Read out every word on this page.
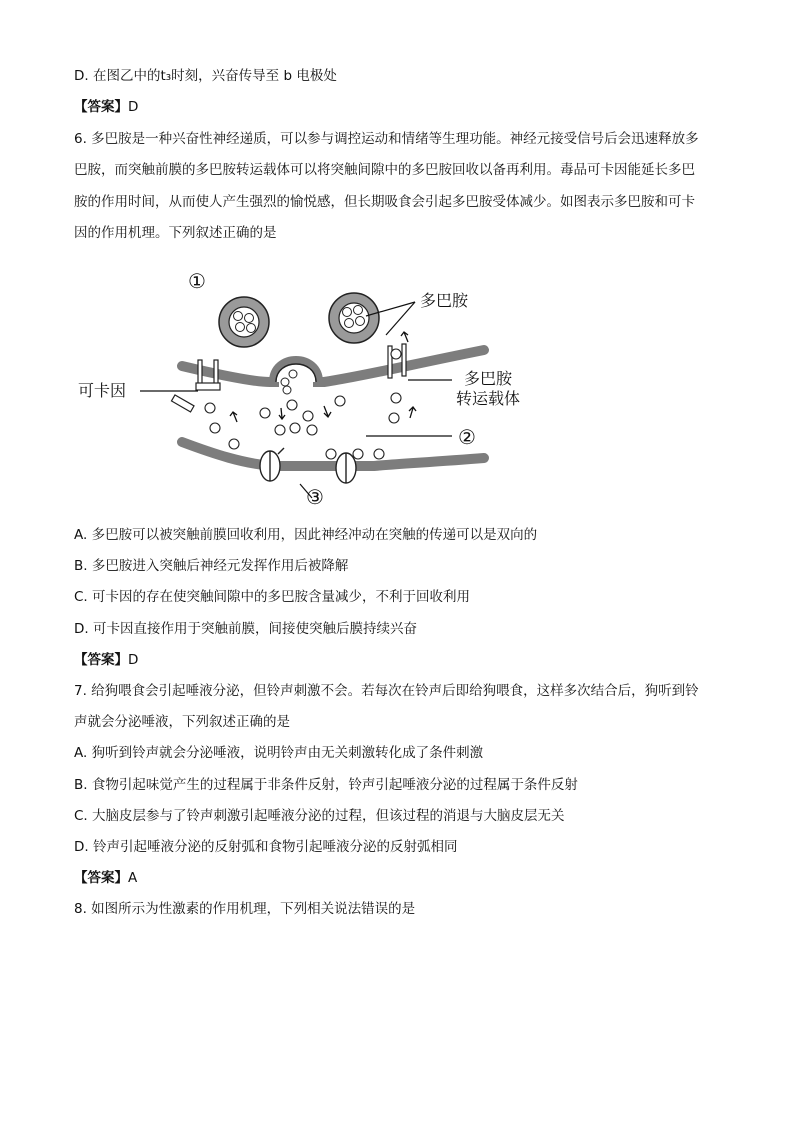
D. 在图乙中的t₃时刻，兴奋传导至 b 电极处
【答案】D
6. 多巴胺是一种兴奋性神经递质，可以参与调控运动和情绪等生理功能。神经元接受信号后会迅速释放多
巴胺，而突触前膜的多巴胺转运载体可以将突触间隙中的多巴胺回收以备再利用。毒品可卡因能延长多巴
胺的作用时间，从而使人产生强烈的愉悦感，但长期吸食会引起多巴胺受体减少。如图表示多巴胺和可卡
因的作用机理。下列叙述正确的是
①
多巴胺
可卡因
多巴胺
转运载体
②
③
A. 多巴胺可以被突触前膜回收利用，因此神经冲动在突触的传递可以是双向的
B. 多巴胺进入突触后神经元发挥作用后被降解
C. 可卡因的存在使突触间隙中的多巴胺含量减少，不利于回收利用
D. 可卡因直接作用于突触前膜，间接使突触后膜持续兴奋
【答案】D
7. 给狗喂食会引起唾液分泌，但铃声刺激不会。若每次在铃声后即给狗喂食，这样多次结合后，狗听到铃
声就会分泌唾液，下列叙述正确的是
A. 狗听到铃声就会分泌唾液，说明铃声由无关刺激转化成了条件刺激
B. 食物引起味觉产生的过程属于非条件反射，铃声引起唾液分泌的过程属于条件反射
C. 大脑皮层参与了铃声刺激引起唾液分泌的过程，但该过程的消退与大脑皮层无关
D. 铃声引起唾液分泌的反射弧和食物引起唾液分泌的反射弧相同
【答案】A
8. 如图所示为性激素的作用机理，下列相关说法错误的是
